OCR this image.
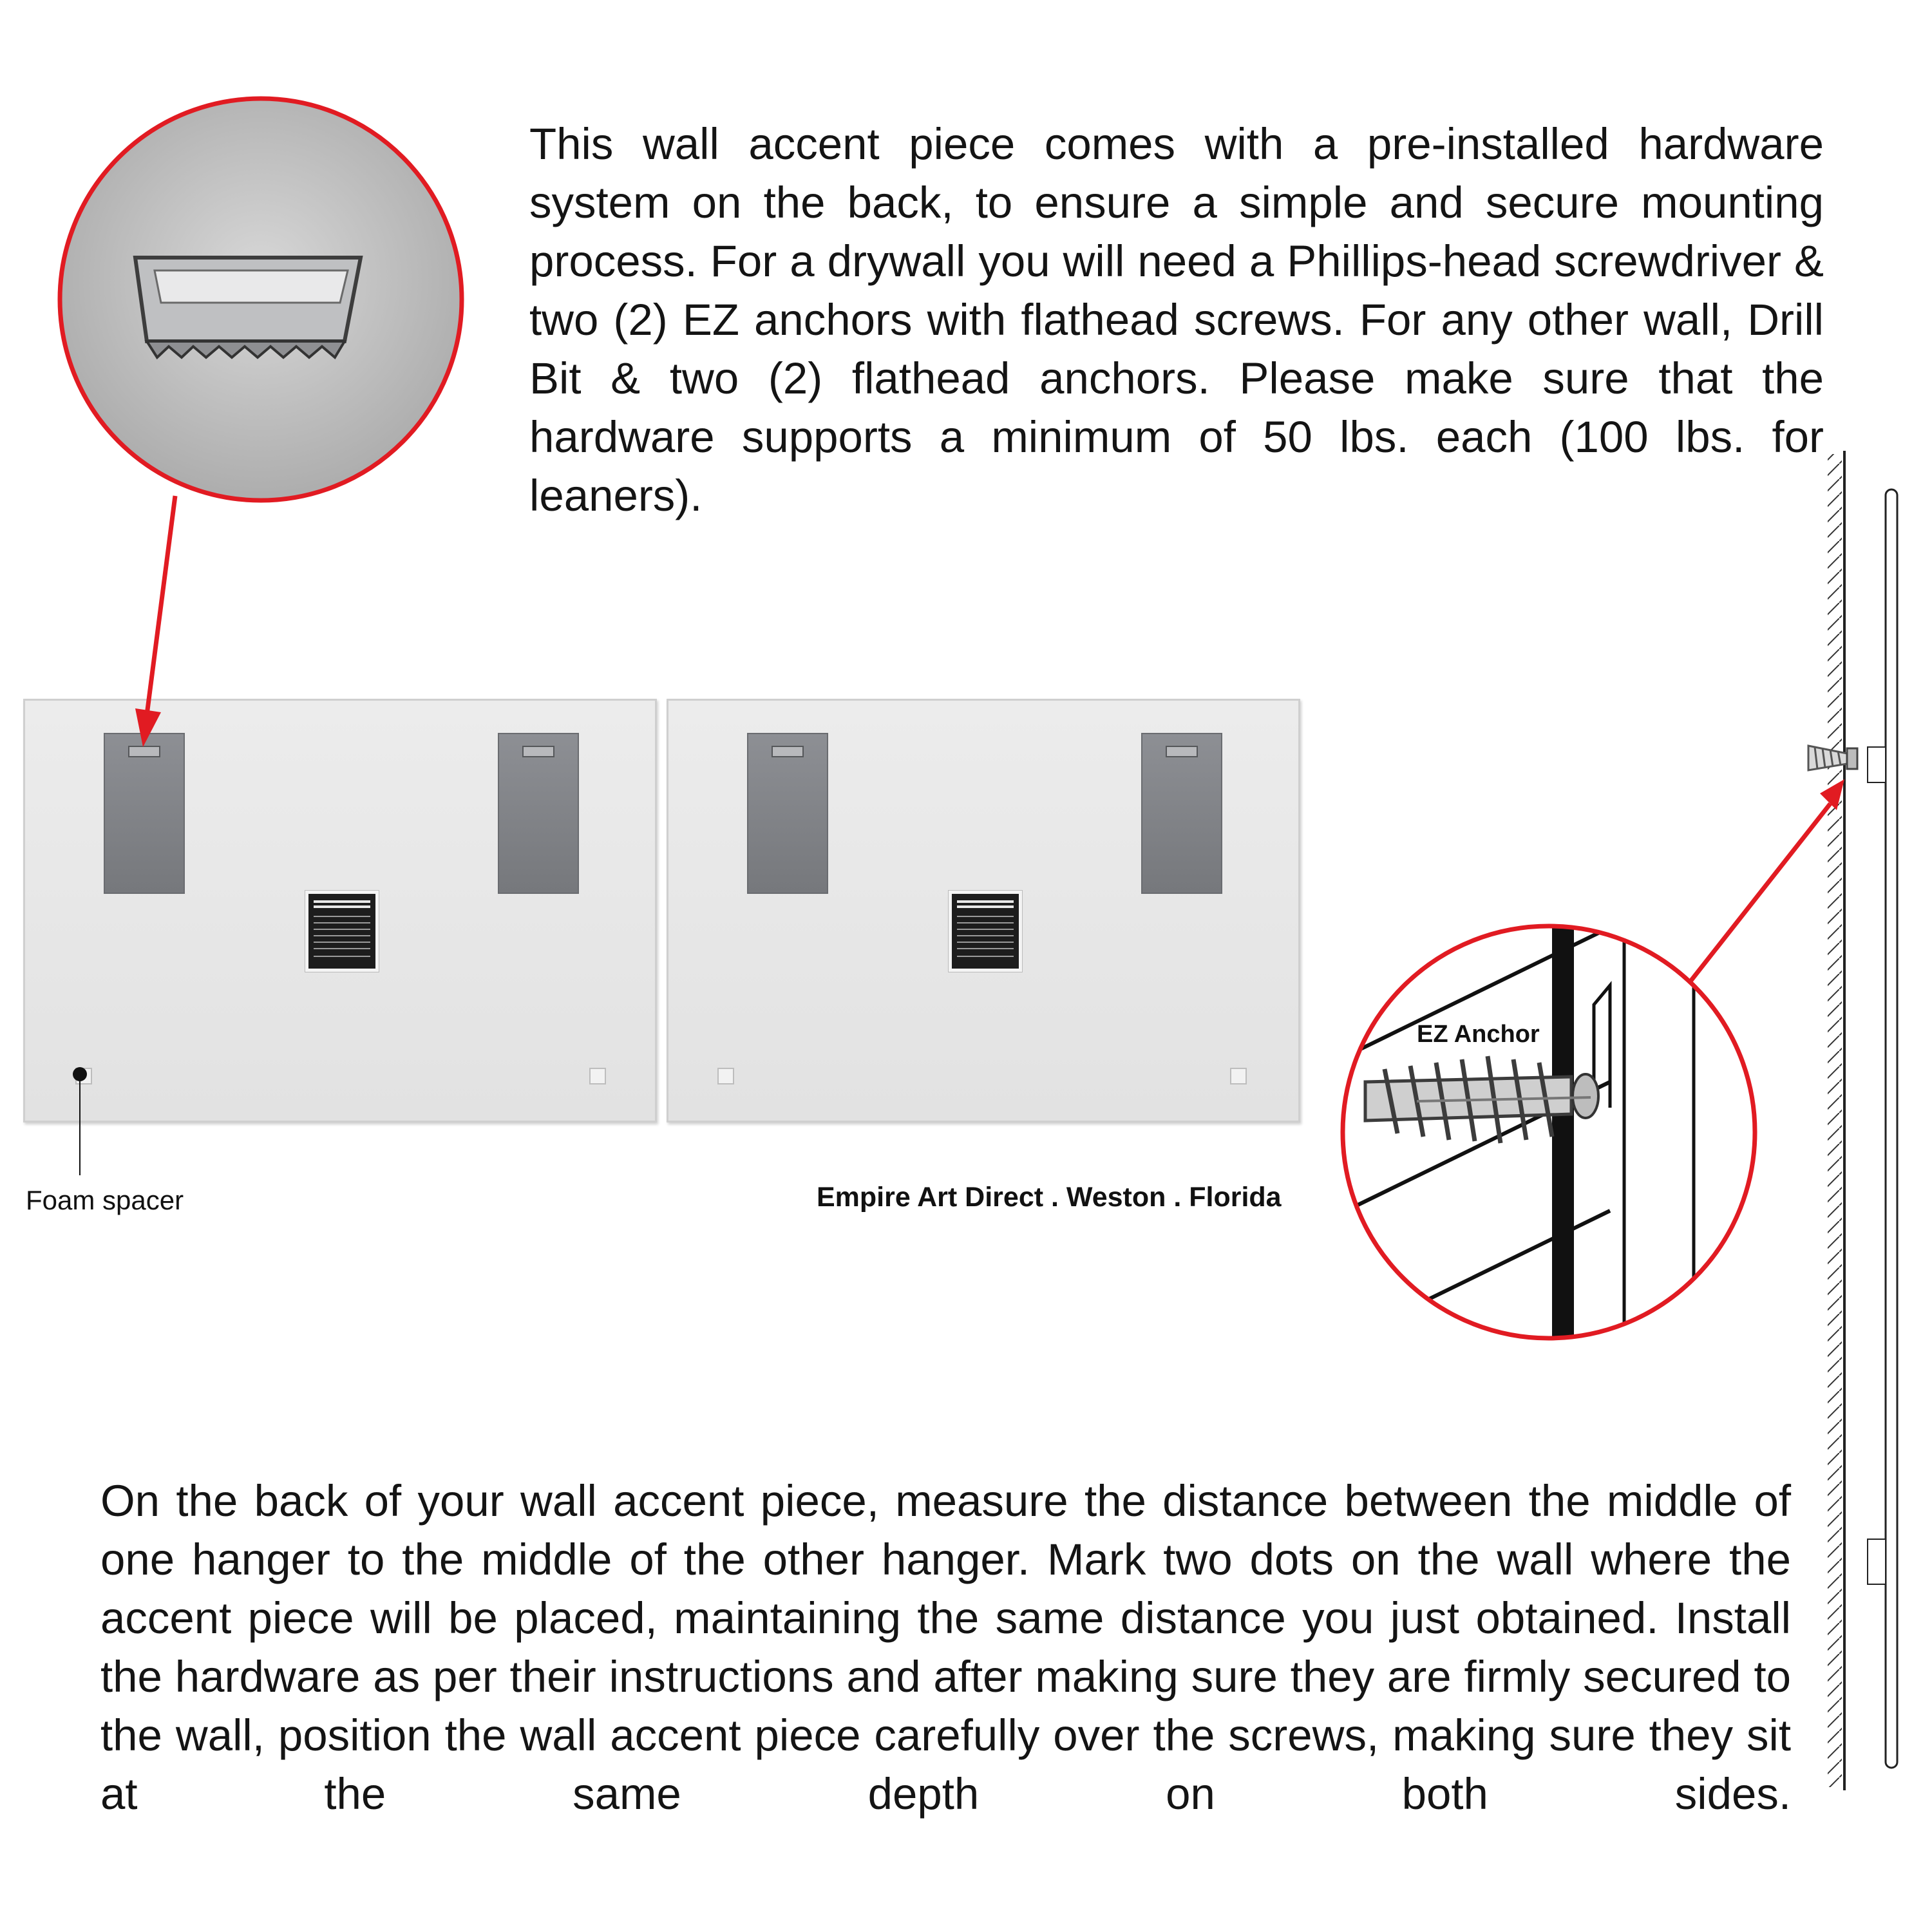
This wall accent piece comes with a pre-installed hardware system on the back, to ensure a simple and secure mounting process. For a drywall you will need a Phillips-head screwdriver & two (2) EZ anchors with flathead screws. For any other wall, Drill Bit & two (2) flathead anchors. Please make sure that the hardware supports a minimum of 50 lbs. each (100 lbs. for leaners).

On the back of your wall accent piece, measure the distance between the middle of one hanger to the middle of the other hanger. Mark two dots on the wall where the accent piece will be placed, maintaining the same distance you just obtained. Install the hardware as per their instructions and after making sure they are firmly secured to the wall, position the wall accent piece carefully over the screws, making sure they sit at the same depth on both sides.

Foam spacer	Empire Art Direct . Weston . Florida

EZ Anchor
